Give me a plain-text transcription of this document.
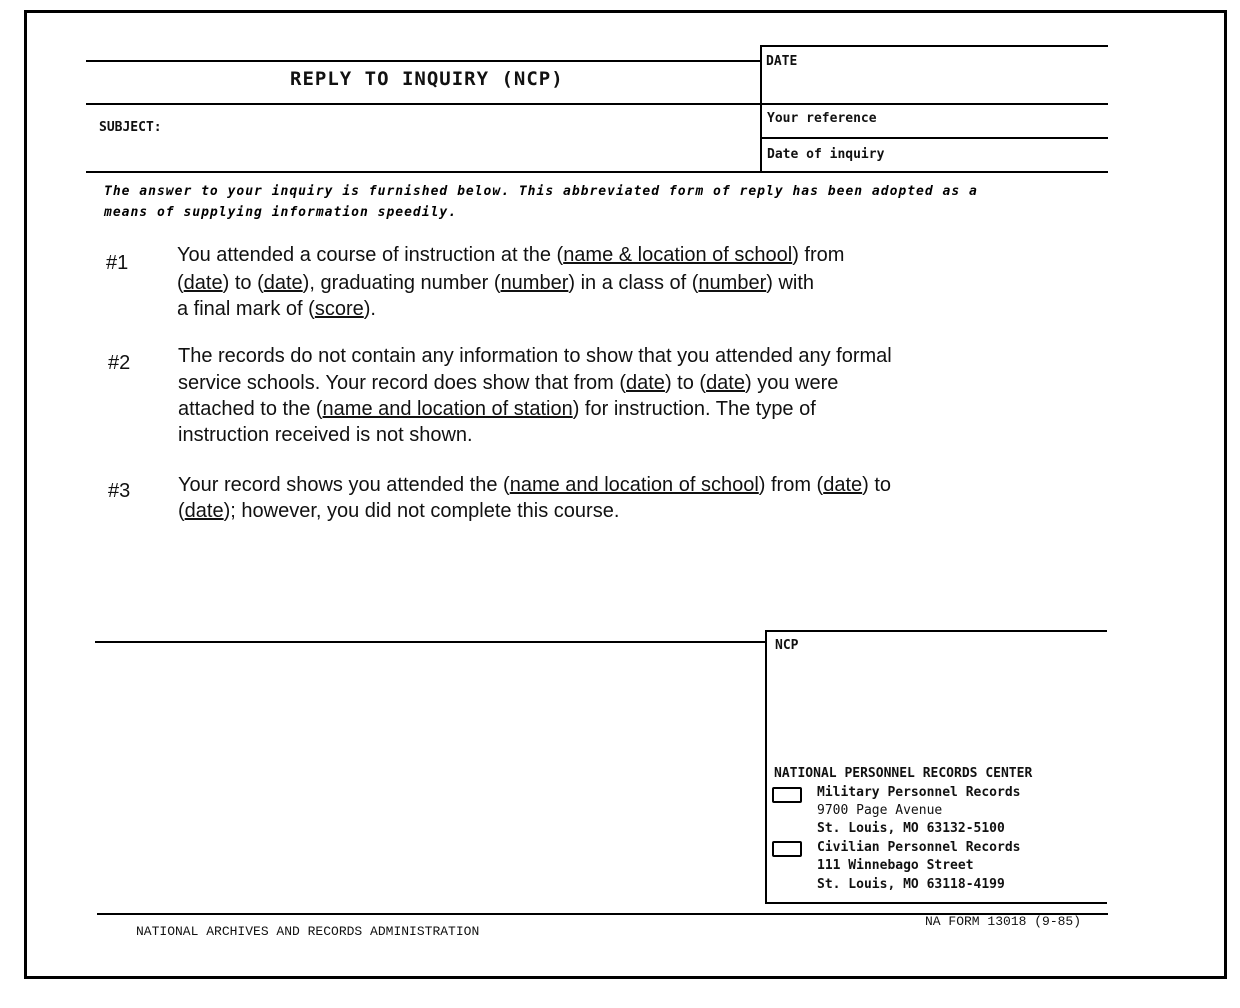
REPLY TO INQUIRY (NCP)
DATE
SUBJECT:
Your reference
Date of inquiry
The answer to your inquiry is furnished below. This abbreviated form of reply has been adopted as a
means of supplying information speedily.
#1 You attended a course of instruction at the (name & location of school) from
(date) to (date), graduating number (number) in a class of (number) with
a final mark of (score).
#2 The records do not contain any information to show that you attended any formal
service schools. Your record does show that from (date) to (date) you were
attached to the (name and location of station) for instruction. The type of
instruction received is not shown.
#3 Your record shows you attended the (name and location of school) from (date) to
(date); however, you did not complete this course.
NCP
NATIONAL PERSONNEL RECORDS CENTER
Military Personnel Records
9700 Page Avenue
St. Louis, MO 63132-5100
Civilian Personnel Records
111 Winnebago Street
St. Louis, MO 63118-4199
NATIONAL ARCHIVES AND RECORDS ADMINISTRATION
NA FORM 13018 (9-85)
